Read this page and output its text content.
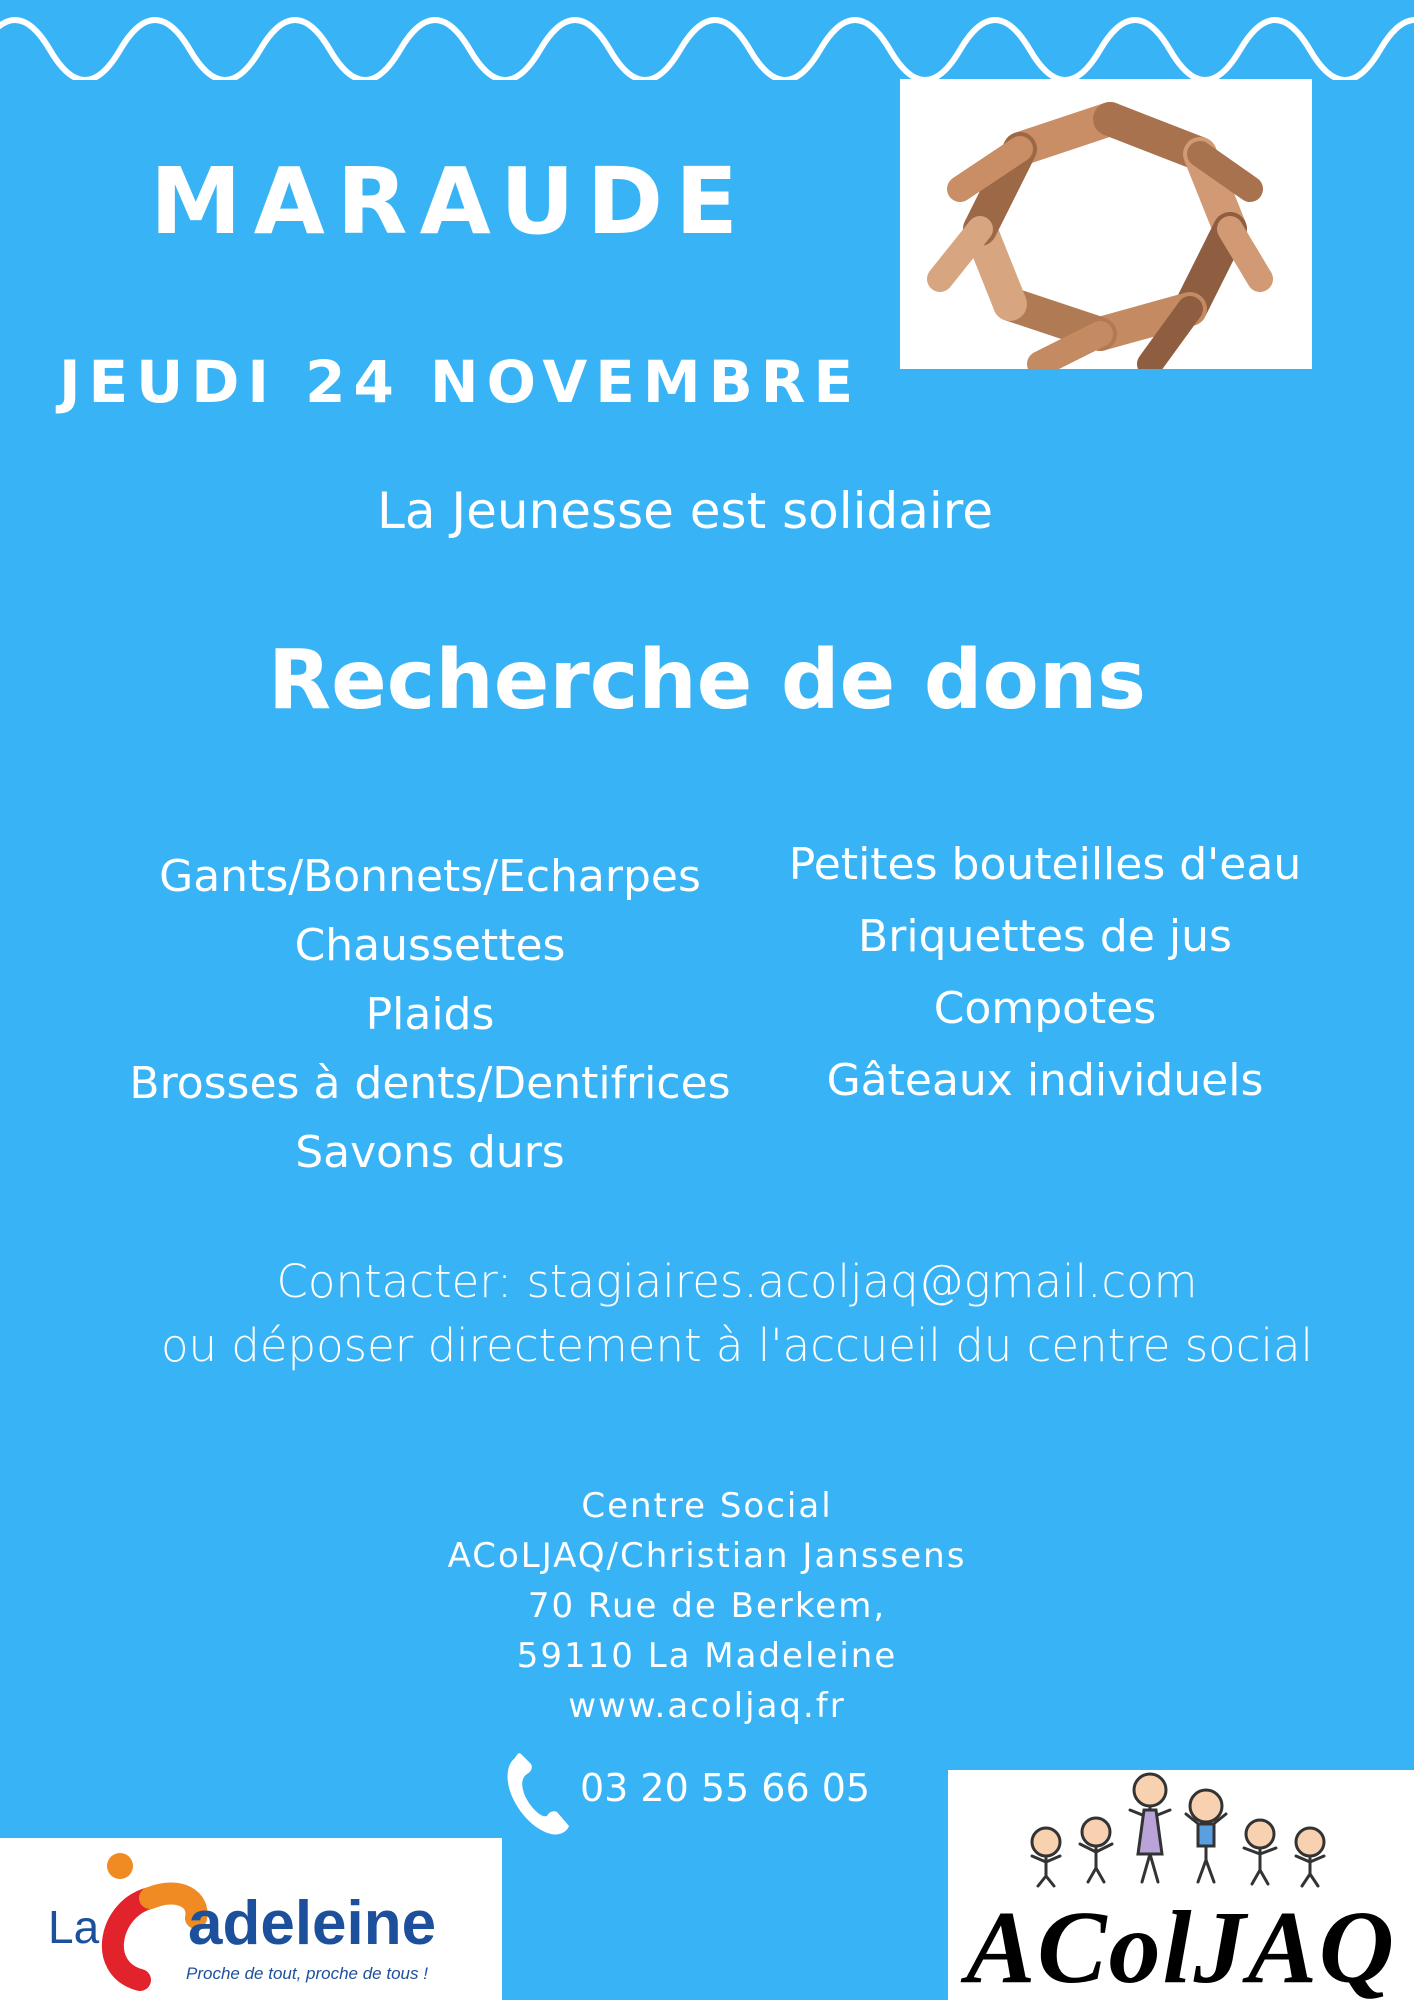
MARAUDE
JEUDI 24 NOVEMBRE
La Jeunesse est solidaire
Recherche de dons
Gants/Bonnets/Echarpes
Chaussettes
Plaids
Brosses à dents/Dentifrices
Savons durs
Petites bouteilles d'eau
Briquettes de jus
Compotes
Gâteaux individuels
Contacter: stagiaires.acoljaq@gmail.com
ou déposer directement à l'accueil du centre social
Centre Social
ACoLJAQ/Christian Janssens
70 Rue de Berkem,
59110 La Madeleine
www.acoljaq.fr
03 20 55 66 05
La adeleine
Proche de tout, proche de tous !	AColJAQ
